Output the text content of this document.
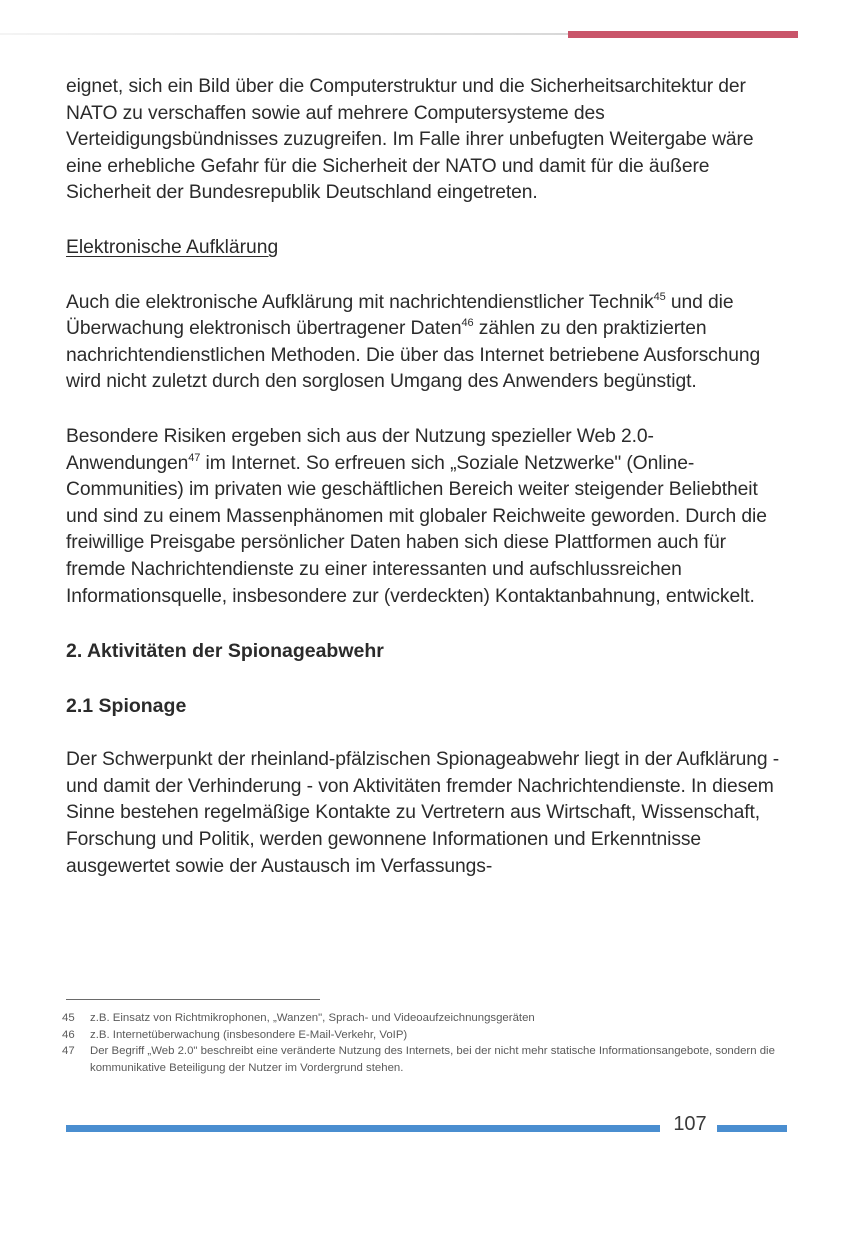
eignet, sich ein Bild über die Computerstruktur und die Sicherheitsarchitektur der NATO zu verschaffen sowie auf mehrere Computersysteme des Verteidigungsbündnisses zuzugreifen. Im Falle ihrer unbefugten Weitergabe wäre eine erhebliche Gefahr für die Sicherheit der NATO und damit für die äußere Sicherheit der Bundesrepublik Deutschland eingetreten.

Elektronische Aufklärung

Auch die elektronische Aufklärung mit nachrichtendienstlicher Technik$^{45}$ und die Überwachung elektronisch übertragener Daten$^{46}$ zählen zu den praktizierten nachrichtendienstlichen Methoden. Die über das Internet betriebene Ausforschung wird nicht zuletzt durch den sorglosen Umgang des Anwenders begünstigt.

Besondere Risiken ergeben sich aus der Nutzung spezieller Web 2.0-Anwendungen$^{47}$ im Internet. So erfreuen sich „Soziale Netzwerke" (Online-Communities) im privaten wie geschäftlichen Bereich weiter steigender Beliebtheit und sind zu einem Massenphänomen mit globaler Reichweite geworden. Durch die freiwillige Preisgabe persönlicher Daten haben sich diese Plattformen auch für fremde Nachrichtendienste zu einer interessanten und aufschlussreichen Informationsquelle, insbesondere zur (verdeckten) Kontaktanbahnung, entwickelt.

2. Aktivitäten der Spionageabwehr
2.1 Spionage

Der Schwerpunkt der rheinland-pfälzischen Spionageabwehr liegt in der Aufklärung - und damit der Verhinderung - von Aktivitäten fremder Nachrichtendienste. In diesem Sinne bestehen regelmäßige Kontakte zu Vertretern aus Wirtschaft, Wissenschaft, Forschung und Politik, werden gewonnene Informationen und Erkenntnisse ausgewertet sowie der Austausch im Verfassungs-

45	z.B. Einsatz von Richtmikrophonen, „Wanzen", Sprach- und Videoaufzeichnungsgeräten
46	z.B. Internetüberwachung (insbesondere E-Mail-Verkehr, VoIP)
47	Der Begriff „Web 2.0" beschreibt eine veränderte Nutzung des Internets, bei der nicht mehr statische Informationsangebote, sondern die kommunikative Beteiligung der Nutzer im Vordergrund stehen.
107
